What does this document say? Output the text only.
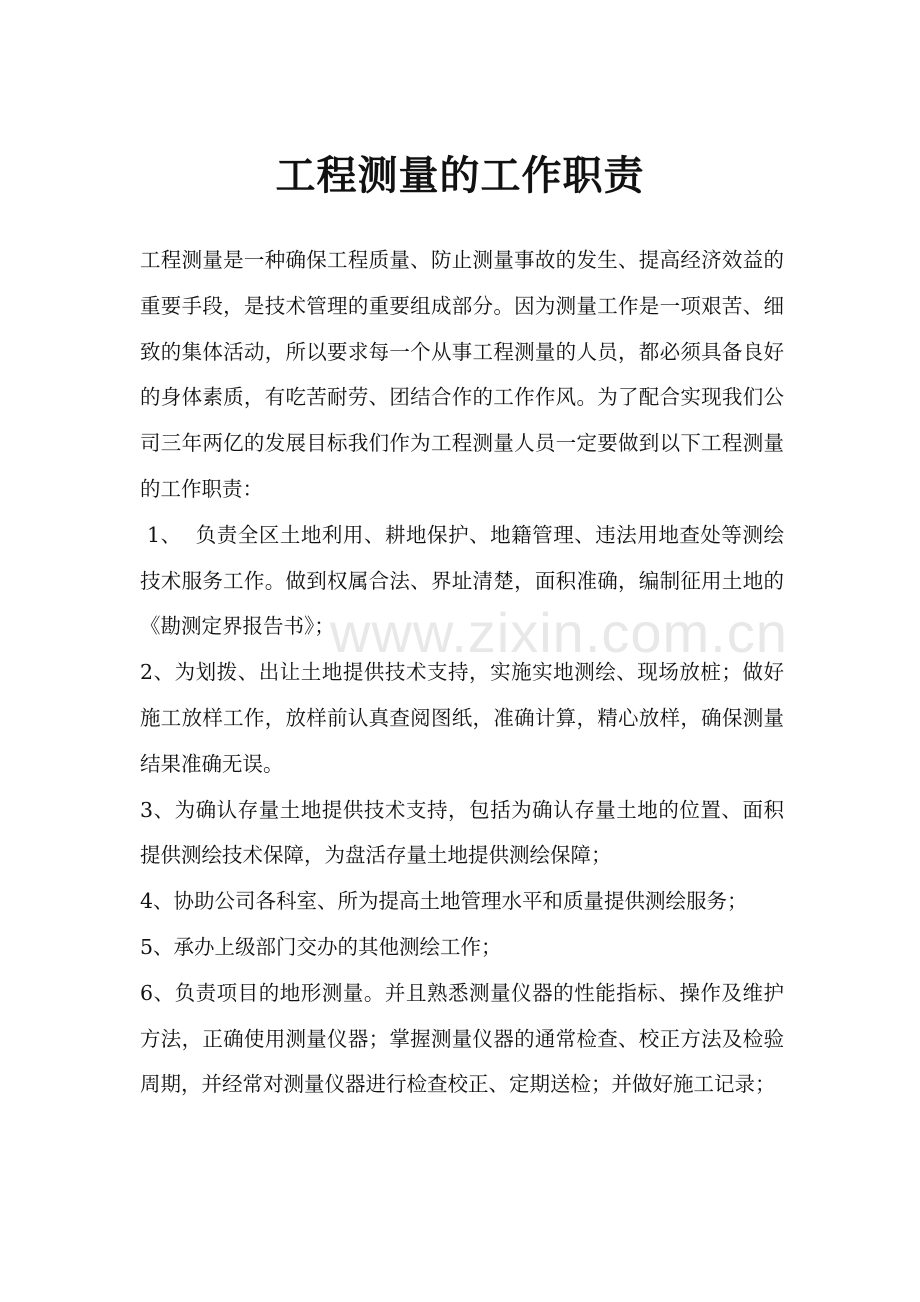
工程测量的工作职责

工程测量是一种确保工程质量、防止测量事故的发生、提高经济效益的重要手段，是技术管理的重要组成部分。因为测量工作是一项艰苦、细致的集体活动，所以要求每一个从事工程测量的人员，都必须具备良好的身体素质，有吃苦耐劳、团结合作的工作作风。为了配合实现我们公司三年两亿的发展目标我们作为工程测量人员一定要做到以下工程测量的工作职责：

1、  负责全区土地利用、耕地保护、地籍管理、违法用地查处等测绘技术服务工作。做到权属合法、界址清楚，面积准确，编制征用土地的《勘测定界报告书》；

2、为划拨、出让土地提供技术支持，实施实地测绘、现场放桩；做好施工放样工作，放样前认真查阅图纸，准确计算，精心放样，确保测量结果准确无误。

3、为确认存量土地提供技术支持，包括为确认存量土地的位置、面积提供测绘技术保障，为盘活存量土地提供测绘保障；

4、协助公司各科室、所为提高土地管理水平和质量提供测绘服务；

5、承办上级部门交办的其他测绘工作；

6、负责项目的地形测量。并且熟悉测量仪器的性能指标、操作及维护方法，正确使用测量仪器；掌握测量仪器的通常检查、校正方法及检验周期，并经常对测量仪器进行检查校正、定期送检；并做好施工记录；

www.zixin.com.cn
